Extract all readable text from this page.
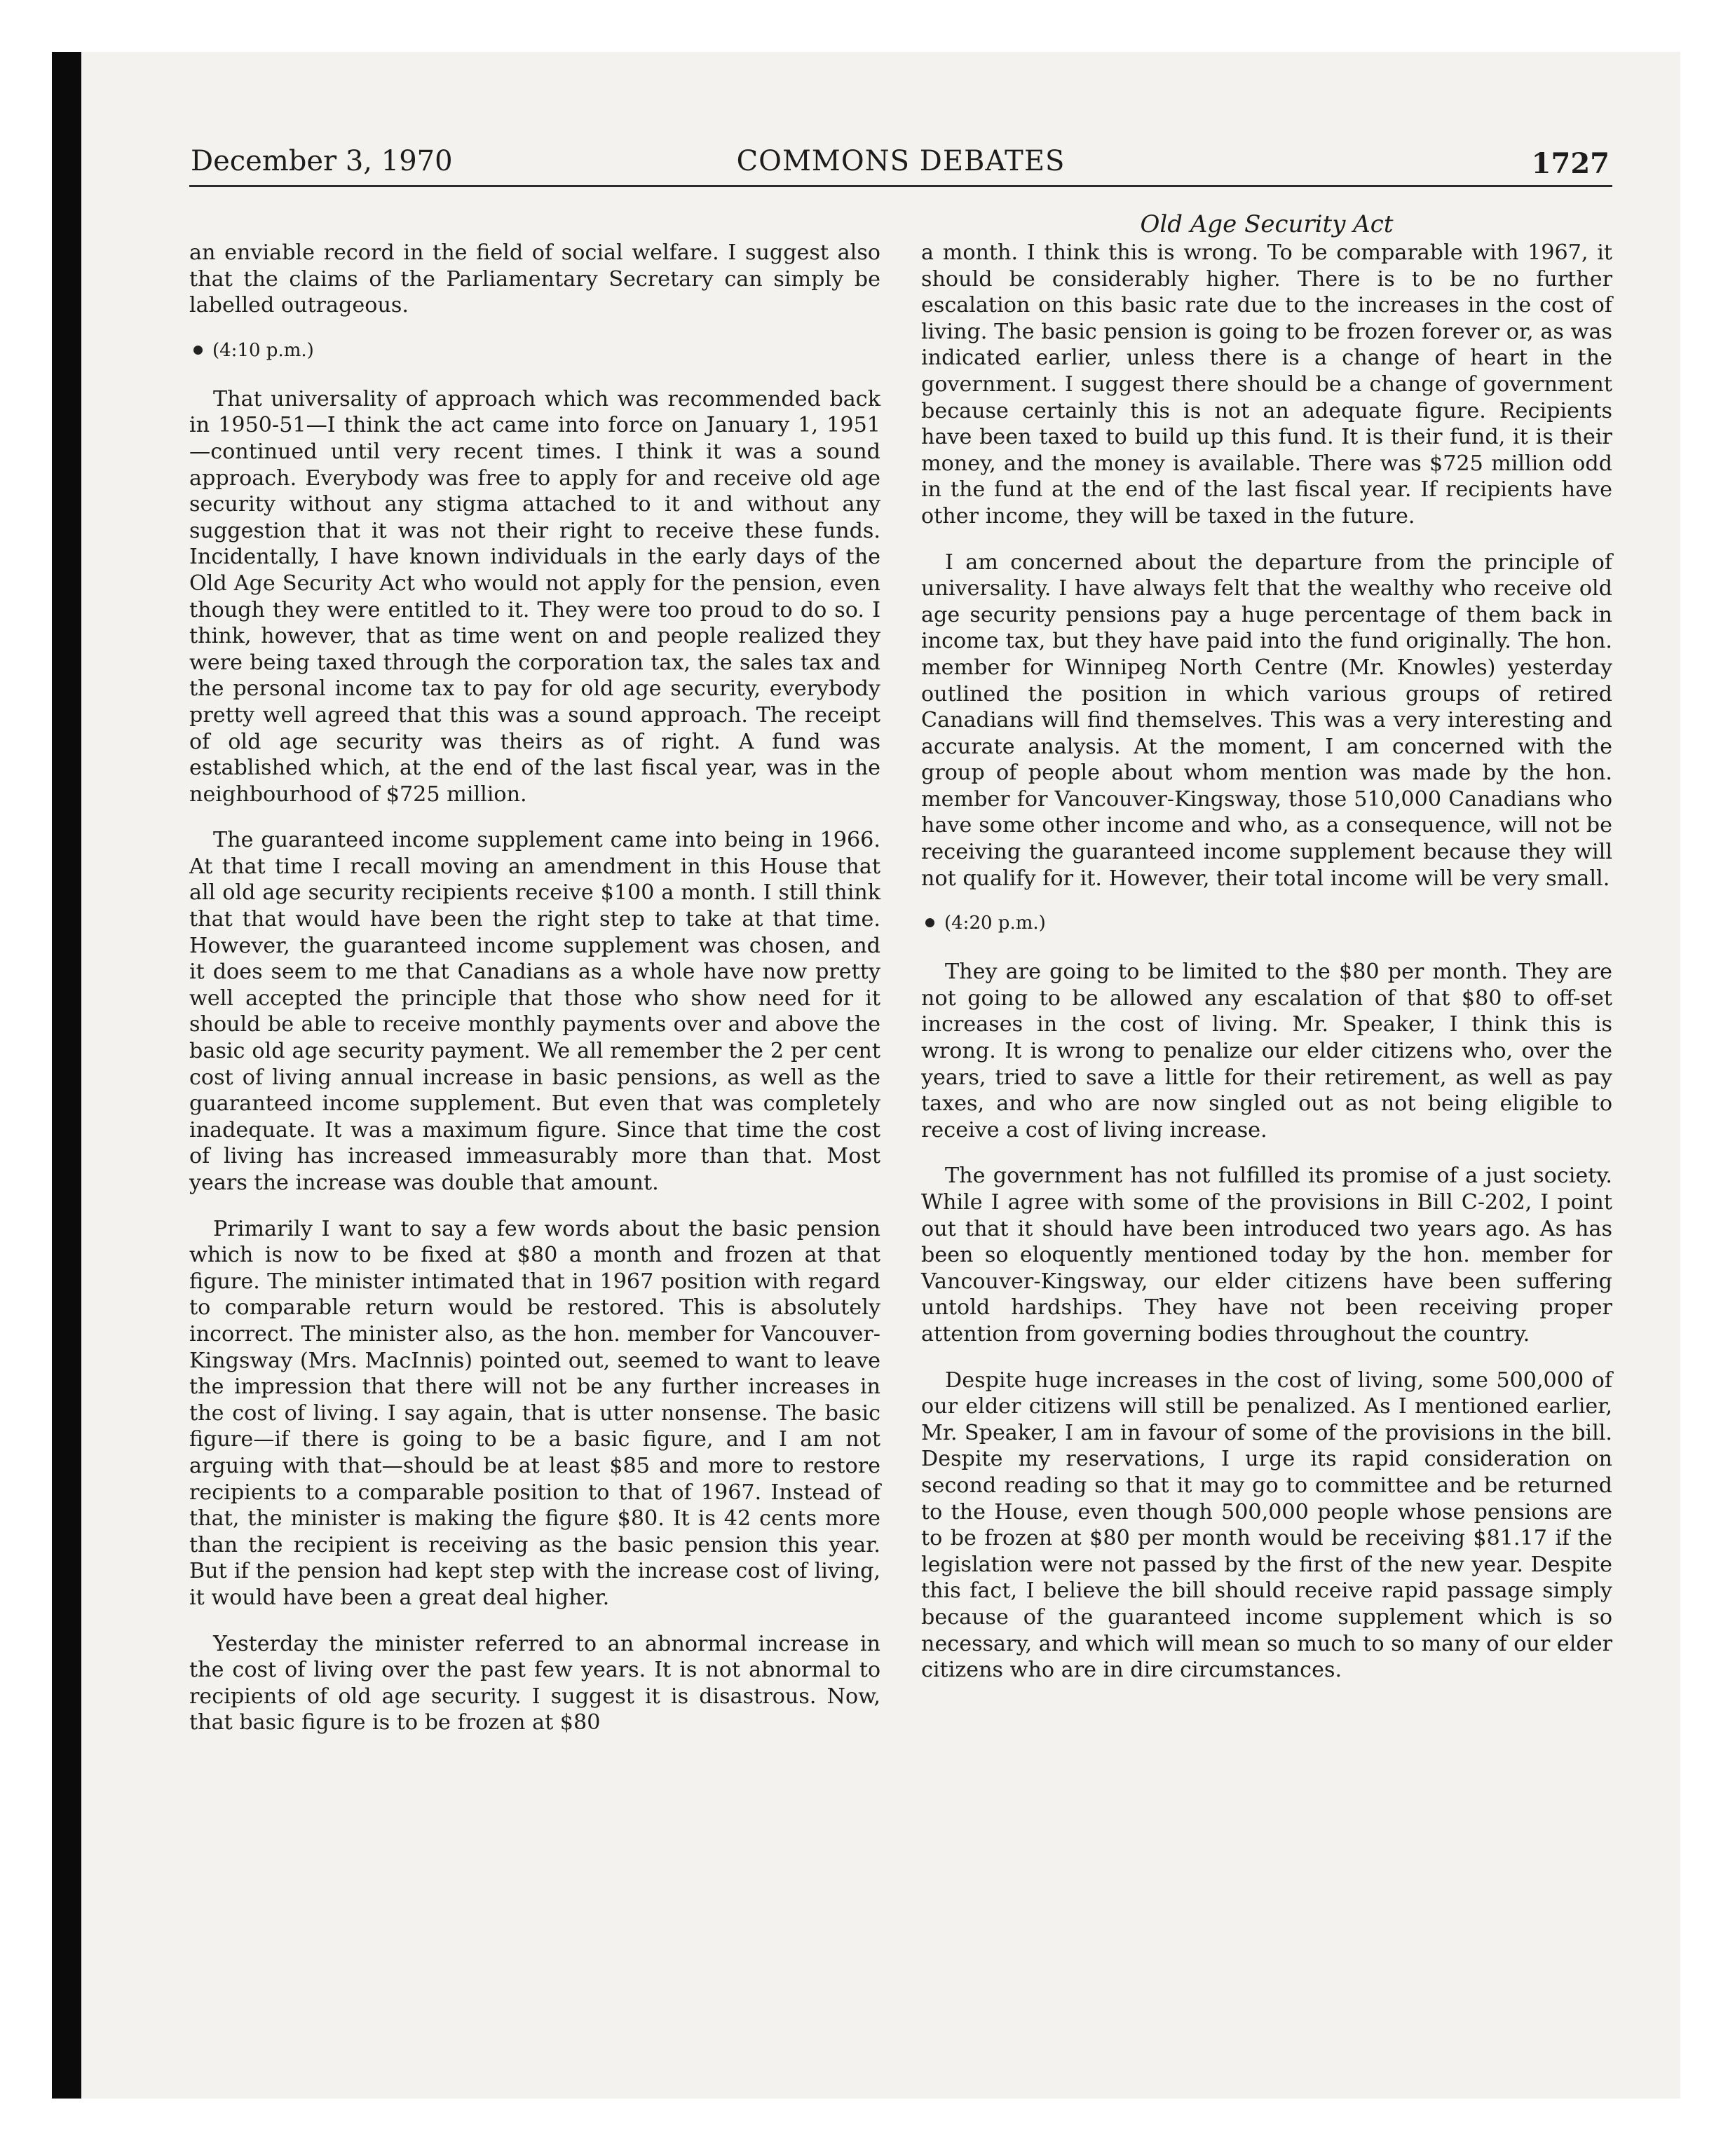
December 3, 1970	COMMONS DEBATES	1727

an enviable record in the field of social welfare. I suggest also that the claims of the Parliamentary Secretary can simply be labelled outrageous.

(4:10 p.m.)

That universality of approach which was recommended back in 1950-51—I think the act came into force on January 1, 1951—continued until very recent times. I think it was a sound approach. Everybody was free to apply for and receive old age security without any stigma attached to it and without any suggestion that it was not their right to receive these funds. Incidentally, I have known individuals in the early days of the Old Age Security Act who would not apply for the pension, even though they were entitled to it. They were too proud to do so. I think, however, that as time went on and people realized they were being taxed through the corporation tax, the sales tax and the personal income tax to pay for old age security, everybody pretty well agreed that this was a sound approach. The receipt of old age security was theirs as of right. A fund was established which, at the end of the last fiscal year, was in the neighbourhood of $725 million.

The guaranteed income supplement came into being in 1966. At that time I recall moving an amendment in this House that all old age security recipients receive $100 a month. I still think that that would have been the right step to take at that time. However, the guaranteed income supplement was chosen, and it does seem to me that Canadians as a whole have now pretty well accepted the principle that those who show need for it should be able to receive monthly payments over and above the basic old age security payment. We all remember the 2 per cent cost of living annual increase in basic pensions, as well as the guaranteed income supplement. But even that was completely inadequate. It was a maximum figure. Since that time the cost of living has increased immeasurably more than that. Most years the increase was double that amount.

Primarily I want to say a few words about the basic pension which is now to be fixed at $80 a month and frozen at that figure. The minister intimated that in 1967 position with regard to comparable return would be restored. This is absolutely incorrect. The minister also, as the hon. member for Vancouver-Kingsway (Mrs. MacInnis) pointed out, seemed to want to leave the impression that there will not be any further increases in the cost of living. I say again, that is utter nonsense. The basic figure—if there is going to be a basic figure, and I am not arguing with that—should be at least $85 and more to restore recipients to a comparable position to that of 1967. Instead of that, the minister is making the figure $80. It is 42 cents more than the recipient is receiving as the basic pension this year. But if the pension had kept step with the increase cost of living, it would have been a great deal higher.

Yesterday the minister referred to an abnormal increase in the cost of living over the past few years. It is not abnormal to recipients of old age security. I suggest it is disastrous. Now, that basic figure is to be frozen at $80

Old Age Security Act

a month. I think this is wrong. To be comparable with 1967, it should be considerably higher. There is to be no further escalation on this basic rate due to the increases in the cost of living. The basic pension is going to be frozen forever or, as was indicated earlier, unless there is a change of heart in the government. I suggest there should be a change of government because certainly this is not an adequate figure. Recipients have been taxed to build up this fund. It is their fund, it is their money, and the money is available. There was $725 million odd in the fund at the end of the last fiscal year. If recipients have other income, they will be taxed in the future.

I am concerned about the departure from the principle of universality. I have always felt that the wealthy who receive old age security pensions pay a huge percentage of them back in income tax, but they have paid into the fund originally. The hon. member for Winnipeg North Centre (Mr. Knowles) yesterday outlined the position in which various groups of retired Canadians will find themselves. This was a very interesting and accurate analysis. At the moment, I am concerned with the group of people about whom mention was made by the hon. member for Vancouver-Kingsway, those 510,000 Canadians who have some other income and who, as a consequence, will not be receiving the guaranteed income supplement because they will not qualify for it. However, their total income will be very small.

(4:20 p.m.)

They are going to be limited to the $80 per month. They are not going to be allowed any escalation of that $80 to off-set increases in the cost of living. Mr. Speaker, I think this is wrong. It is wrong to penalize our elder citizens who, over the years, tried to save a little for their retirement, as well as pay taxes, and who are now singled out as not being eligible to receive a cost of living increase.

The government has not fulfilled its promise of a just society. While I agree with some of the provisions in Bill C-202, I point out that it should have been introduced two years ago. As has been so eloquently mentioned today by the hon. member for Vancouver-Kingsway, our elder citizens have been suffering untold hardships. They have not been receiving proper attention from governing bodies throughout the country.

Despite huge increases in the cost of living, some 500,000 of our elder citizens will still be penalized. As I mentioned earlier, Mr. Speaker, I am in favour of some of the provisions in the bill. Despite my reservations, I urge its rapid consideration on second reading so that it may go to committee and be returned to the House, even though 500,000 people whose pensions are to be frozen at $80 per month would be receiving $81.17 if the legislation were not passed by the first of the new year. Despite this fact, I believe the bill should receive rapid passage simply because of the guaranteed income supplement which is so necessary, and which will mean so much to so many of our elder citizens who are in dire circumstances.
